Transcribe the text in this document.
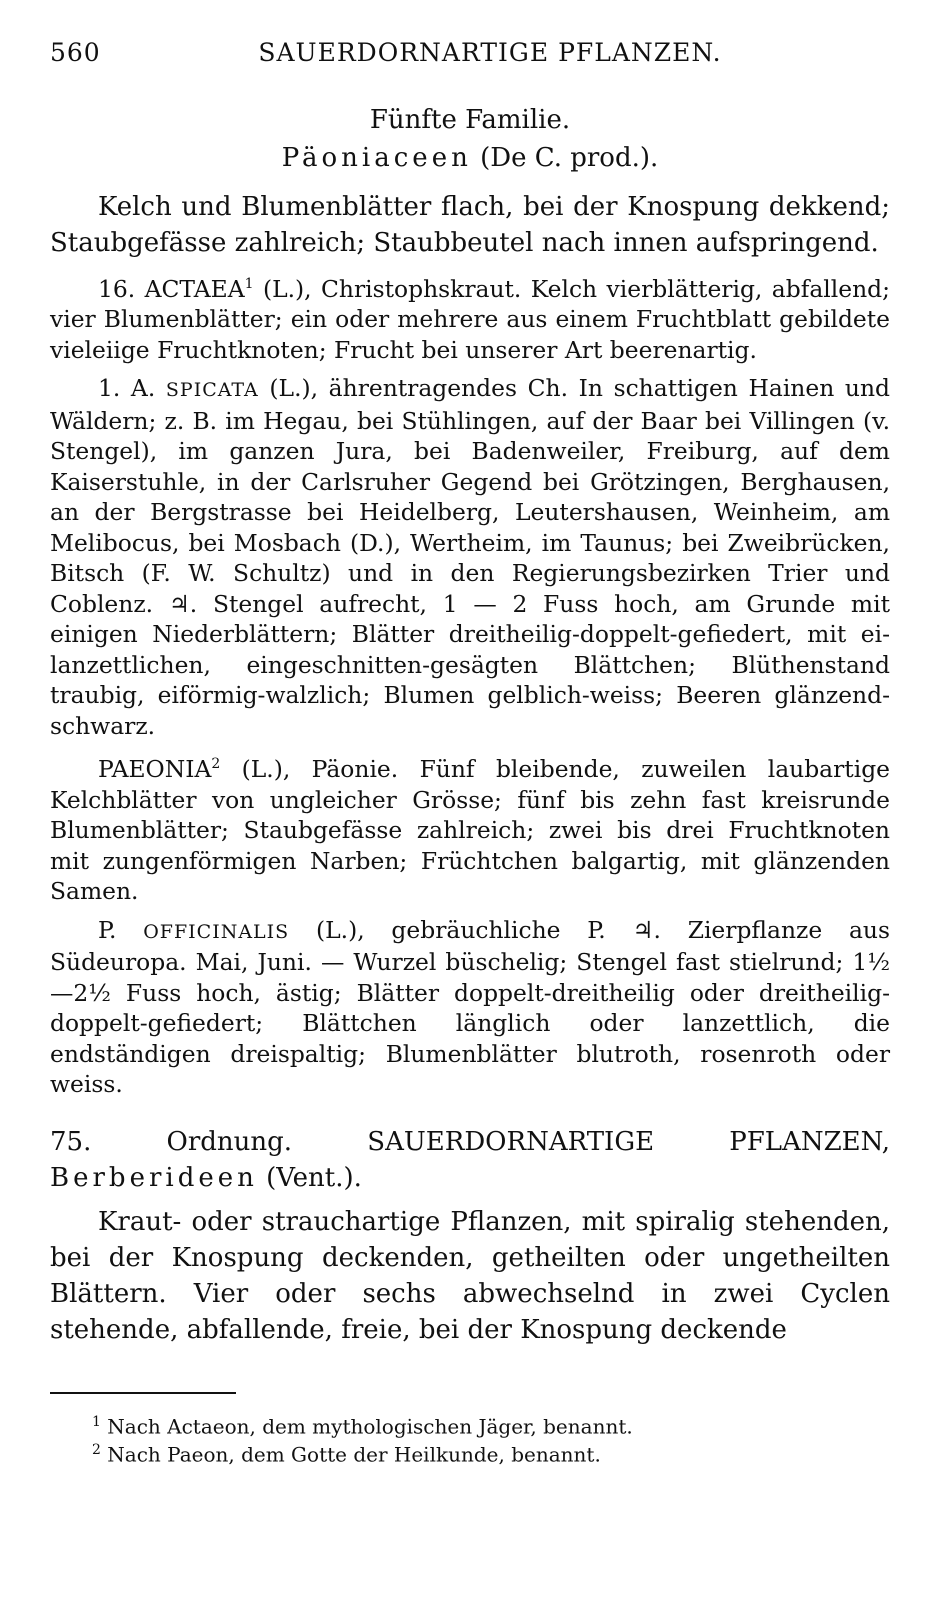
560	SAUERDORNARTIGE PFLANZEN.
Fünfte Familie.
Päoniaceen (De C. prod.).

Kelch und Blumenblätter flach, bei der Knospung dekkend; Staubgefässe zahlreich; Staubbeutel nach innen aufspringend.

16. ACTAEA$^1$ (L.), Christophskraut. Kelch vierblätterig, abfallend; vier Blumenblätter; ein oder mehrere aus einem Fruchtblatt gebildete vieleiige Fruchtknoten; Frucht bei unserer Art beerenartig.

1. A. SPICATA (L.), ährentragendes Ch. In schattigen Hainen und Wäldern; z. B. im Hegau, bei Stühlingen, auf der Baar bei Villingen (v. Stengel), im ganzen Jura, bei Badenweiler, Freiburg, auf dem Kaiserstuhle, in der Carlsruher Gegend bei Grötzingen, Berghausen, an der Bergstrasse bei Heidelberg, Leutershausen, Weinheim, am Melibocus, bei Mosbach (D.), Wertheim, im Taunus; bei Zweibrücken, Bitsch (F. W. Schultz) und in den Regierungsbezirken Trier und Coblenz. ♃. Stengel aufrecht, 1 — 2 Fuss hoch, am Grunde mit einigen Niederblättern; Blätter dreitheilig-doppelt-gefiedert, mit ei-lanzettlichen, eingeschnitten-gesägten Blättchen; Blüthenstand traubig, eiförmig-walzlich; Blumen gelblich-weiss; Beeren glänzend-schwarz.

PAEONIA$^2$ (L.), Päonie. Fünf bleibende, zuweilen laubartige Kelchblätter von ungleicher Grösse; fünf bis zehn fast kreisrunde Blumenblätter; Staubgefässe zahlreich; zwei bis drei Fruchtknoten mit zungenförmigen Narben; Früchtchen balgartig, mit glänzenden Samen.

P. OFFICINALIS (L.), gebräuchliche P. ♃. Zierpflanze aus Südeuropa. Mai, Juni. — Wurzel büschelig; Stengel fast stielrund; 1½—2½ Fuss hoch, ästig; Blätter doppelt-dreitheilig oder dreitheilig-doppelt-gefiedert; Blättchen länglich oder lanzettlich, die endständigen dreispaltig; Blumenblätter blutroth, rosenroth oder weiss.

75. Ordnung.	SAUERDORNARTIGE PFLANZEN, Berberideen (Vent.).

Kraut- oder strauchartige Pflanzen, mit spiralig stehenden, bei der Knospung deckenden, getheilten oder ungetheilten Blättern. Vier oder sechs abwechselnd in zwei Cyclen stehende, abfallende, freie, bei der Knospung deckende

$^1$ Nach Actaeon, dem mythologischen Jäger, benannt.
$^2$ Nach Paeon, dem Gotte der Heilkunde, benannt.
